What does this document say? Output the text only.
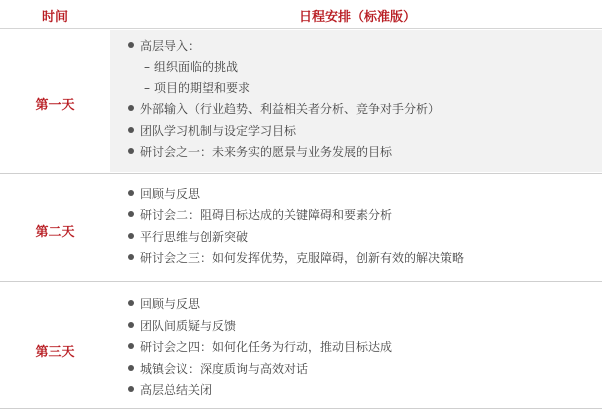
时间	日程安排（标准版）
第一天
高层导入：
– 组织面临的挑战
– 项目的期望和要求
外部输入（行业趋势、利益相关者分析、竞争对手分析）
团队学习机制与设定学习目标
研讨会之一：未来务实的愿景与业务发展的目标
第二天
回顾与反思
研讨会二：阻碍目标达成的关键障碍和要素分析
平行思维与创新突破
研讨会之三：如何发挥优势，克服障碍，创新有效的解决策略
第三天
回顾与反思
团队间质疑与反馈
研讨会之四：如何化任务为行动，推动目标达成
城镇会议：深度质询与高效对话
高层总结关闭
